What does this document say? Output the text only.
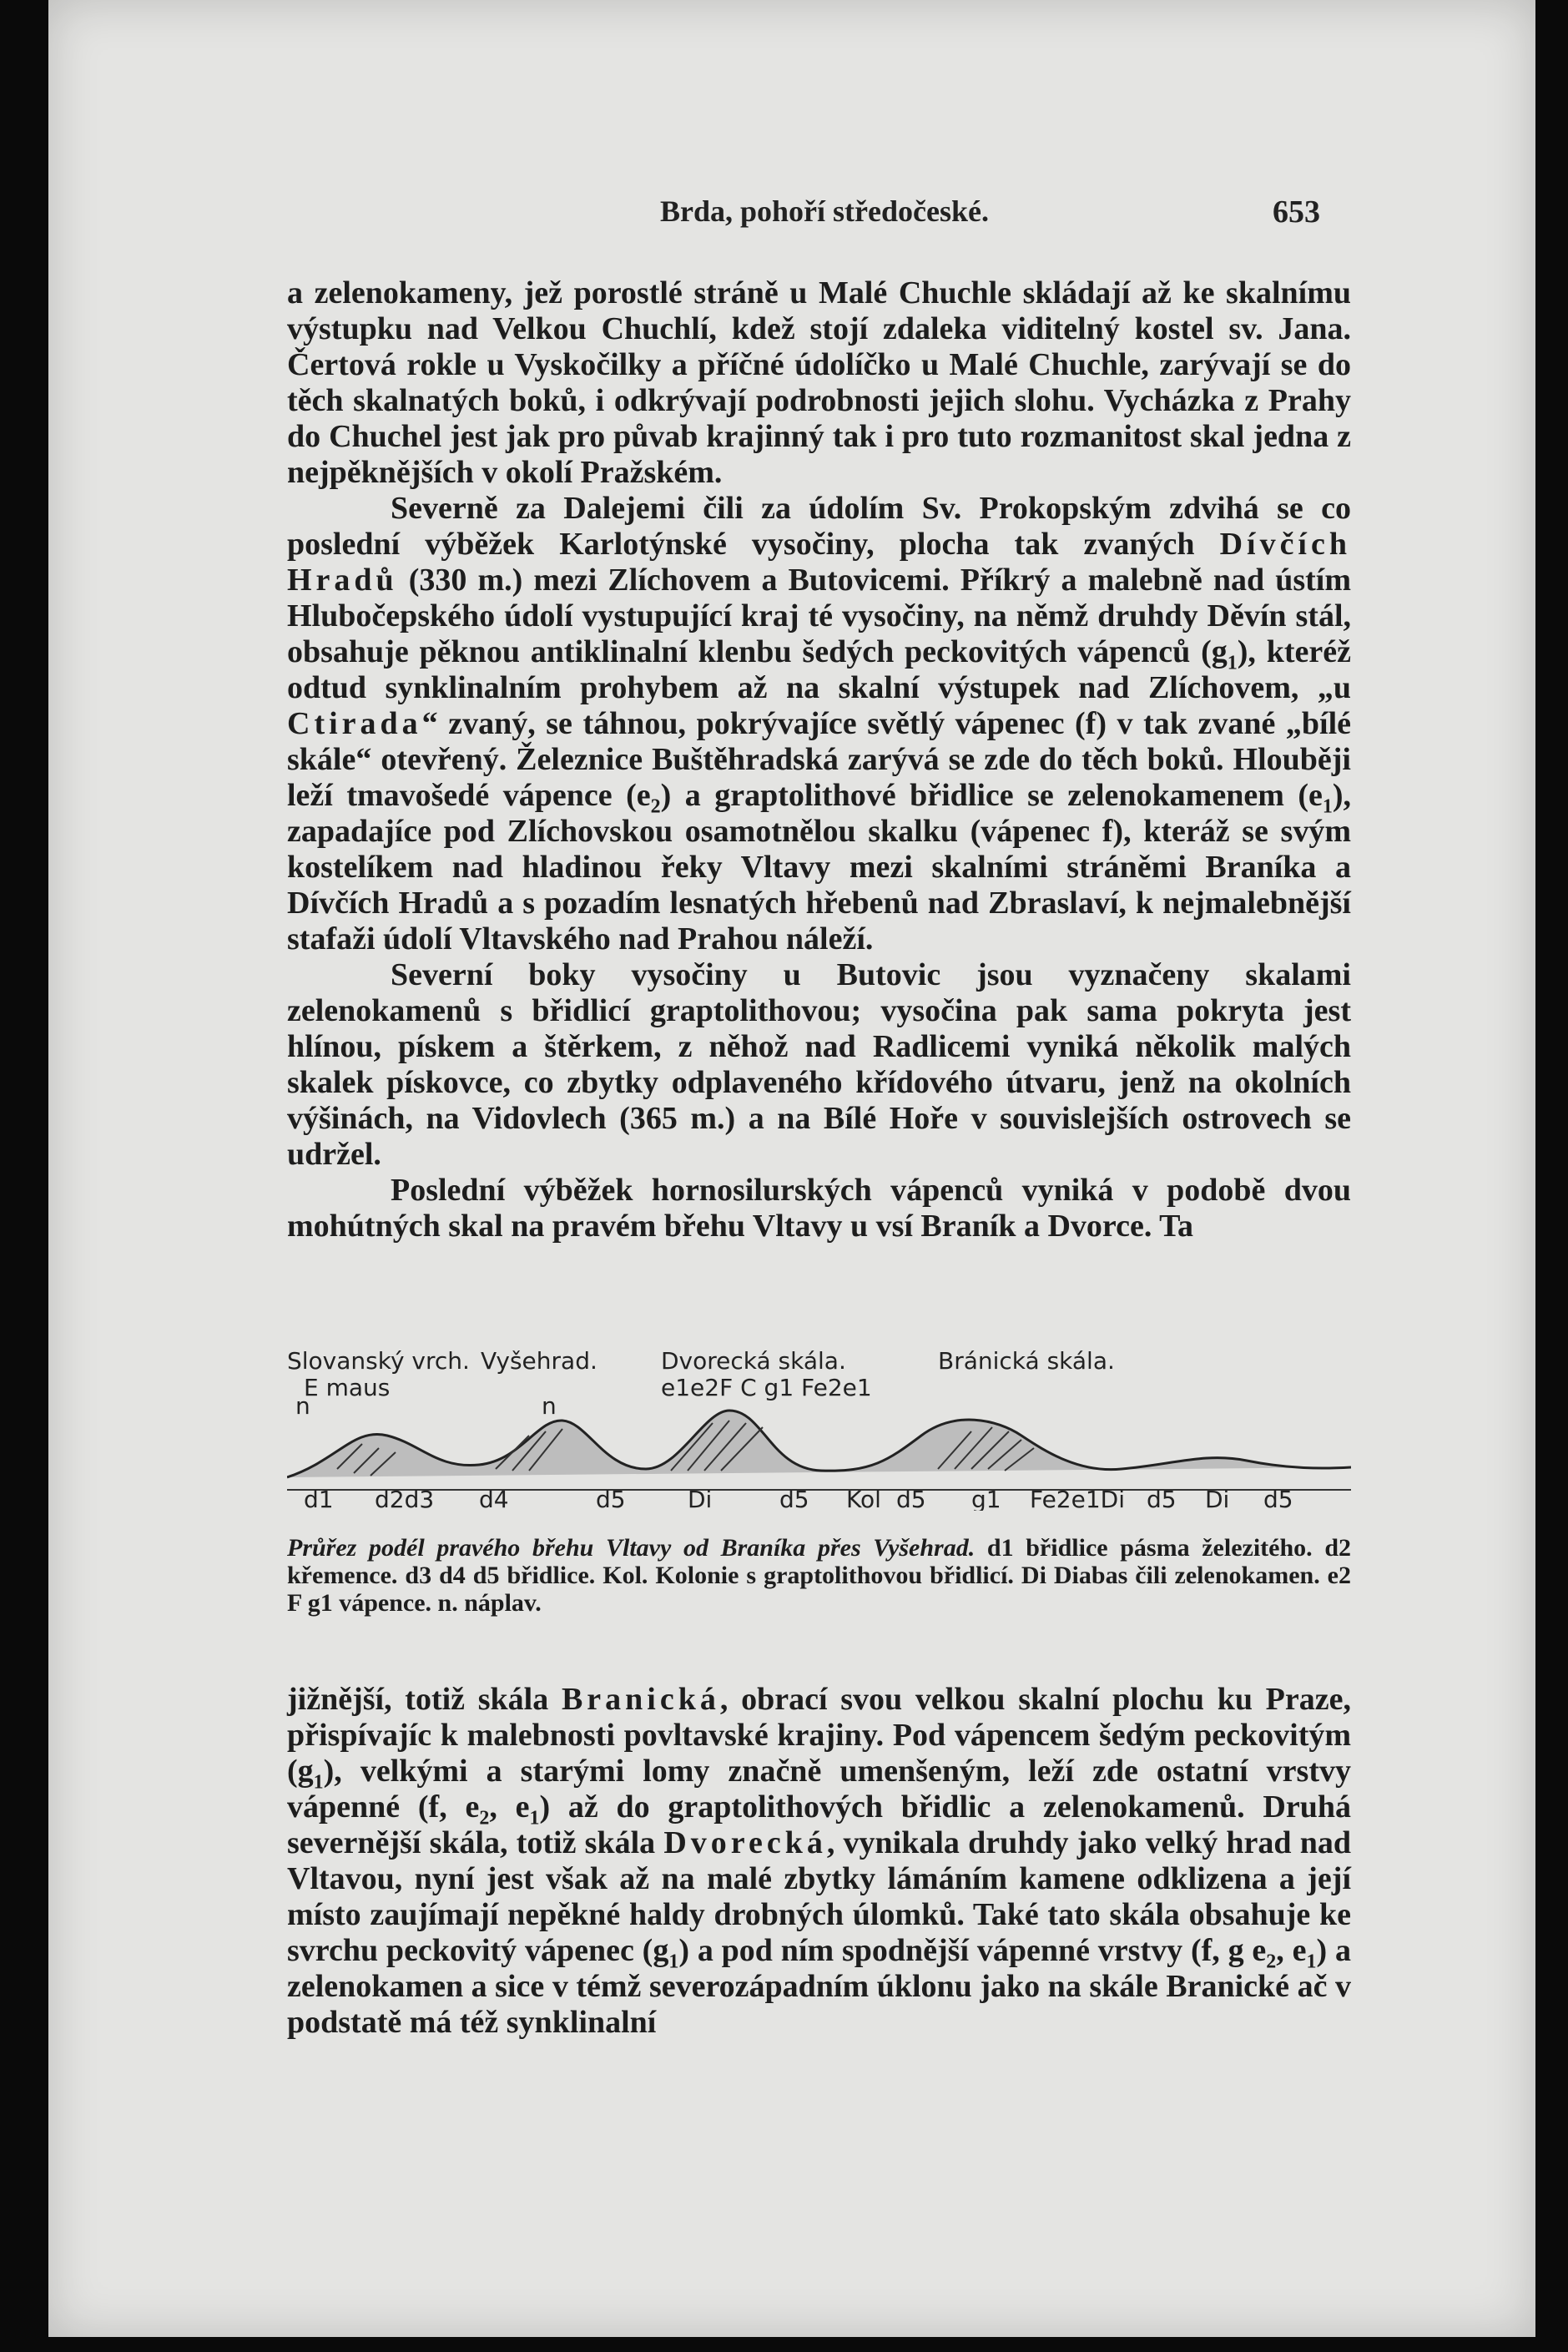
Brda, pohoří středočeské.	653

a zelenokameny, jež porostlé stráně u Malé Chuchle skládají až ke skalnímu výstupku nad Velkou Chuchlí, kdež stojí zdaleka viditelný kostel sv. Jana. Čertová rokle u Vyskočilky a příčné údolíčko u Malé Chuchle, zarývají se do těch skalnatých boků, i odkrývají podrobnosti jejich slohu. Vycházka z Prahy do Chuchel jest jak pro půvab krajinný tak i pro tuto rozmanitost skal jedna z nejpěknějších v okolí Pražském.

Severně za Dalejemi čili za údolím Sv. Prokopským zdvihá se co poslední výběžek Karlotýnské vysočiny, plocha tak zvaných Dívčích Hradů (330 m.) mezi Zlíchovem a Butovicemi. Příkrý a malebně nad ústím Hlubočepského údolí vystupující kraj té vysočiny, na němž druhdy Děvín stál, obsahuje pěknou antiklinalní klenbu šedých peckovitých vápenců $(g_1)$, kteréž odtud synklinalním prohybem až na skalní výstupek nad Zlíchovem, „u Ctirada“ zvaný, se táhnou, pokrývajíce světlý vápenec (f) v tak zvané „bílé skále“ otevřený. Železnice Buštěhradská zarývá se zde do těch boků. Hlouběji leží tmavošedé vápence $(e_2)$ a graptolithové břidlice se zelenokamenem $(e_1)$, zapadajíce pod Zlíchovskou osamotnělou skalku (vápenec f), kteráž se svým kostelíkem nad hladinou řeky Vltavy mezi skalními stráněmi Braníka a Dívčích Hradů a s pozadím lesnatých hřebenů nad Zbraslaví, k nejmalebnější stafaži údolí Vltavského nad Prahou náleží.

Severní boky vysočiny u Butovic jsou vyznačeny skalami zelenokamenů s břidlicí graptolithovou; vysočina pak sama pokryta jest hlínou, pískem a štěrkem, z něhož nad Radlicemi vyniká několik malých skalek pískovce, co zbytky odplaveného křídového útvaru, jenž na okolních výšinách, na Vidovlech (365 m.) a na Bílé Hoře v souvislejších ostrovech se udržel.

Poslední výběžek hornosilurských vápenců vyniká v podobě dvou mohútných skal na pravém břehu Vltavy u vsí Braník a Dvorce. Ta

Slovanský vrch. Vyšehrad.	Dvorecká skála.	Bránická skála.
E maus
n	n
e1e2F C g1 Fe2e1
d1 d2d3 d4	d5	Di	d5 Kol d5 g1 Fe2e1Di d5 Di d5
Průřez podél pravého břehu Vltavy od Braníka přes Vyšehrad. d1 břidlice pásma železitého. d2 křemence. d3 d4 d5 břidlice. Kol. Kolonie s graptolithovou břidlicí. Di Diabas čili zelenokamen. e2 F g1 vápence. n. náplav.

jižnější, totiž skála Branická, obrací svou velkou skalní plochu ku Praze, přispívajíc k malebnosti povltavské krajiny. Pod vápencem šedým peckovitým $(g_1)$, velkými a starými lomy značně umenšeným, leží zde ostatní vrstvy vápenné (f, $e_2$, $e_1$) až do graptolithových břidlic a zelenokamenů. Druhá severnější skála, totiž skála Dvorecká, vynikala druhdy jako velký hrad nad Vltavou, nyní jest však až na malé zbytky lámáním kamene odklizena a její místo zaujímají nepěkné haldy drobných úlomků. Také tato skála obsahuje ke svrchu peckovitý vápenec $(g_1)$ a pod ním spodnější vápenné vrstvy (f, g $e_2$, $e_1$) a zelenokamen a sice v témž severozápadním úklonu jako na skále Branické ač v podstatě má též synklinalní
